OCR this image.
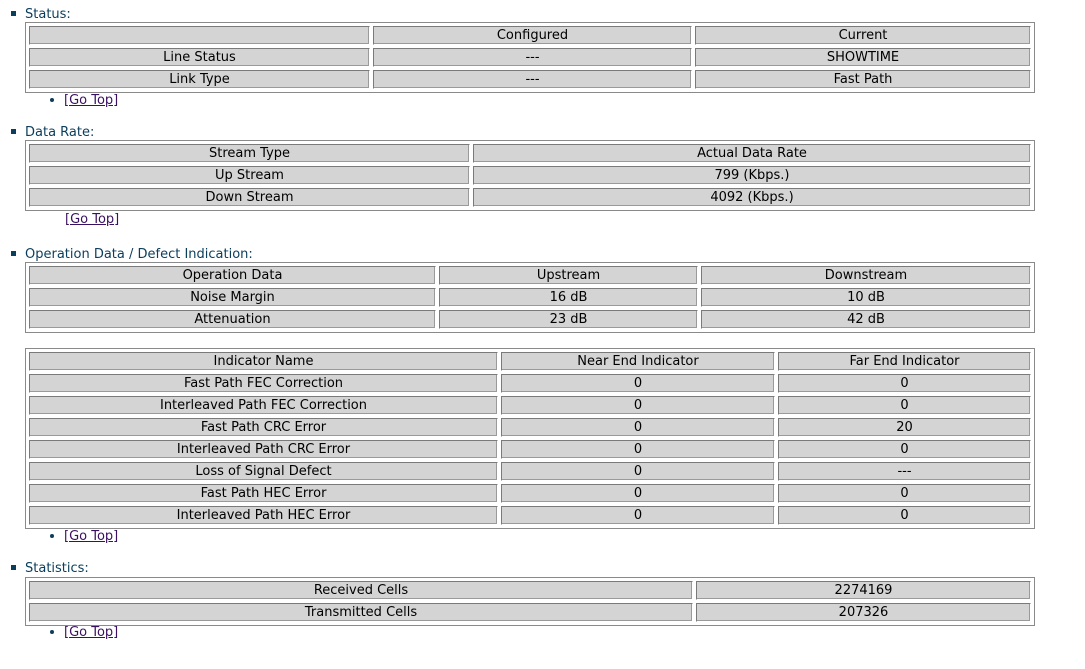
Status:
	Configured	Current
Line Status	---	SHOWTIME
Link Type	---	Fast Path
[Go Top]
Data Rate:
Stream Type	Actual Data Rate
Up Stream	799 (Kbps.)
Down Stream	4092 (Kbps.)
[Go Top]
Operation Data / Defect Indication:
Operation Data	Upstream	Downstream
Noise Margin	16 dB	10 dB
Attenuation	23 dB	42 dB
Indicator Name	Near End Indicator	Far End Indicator
Fast Path FEC Correction	0	0
Interleaved Path FEC Correction	0	0
Fast Path CRC Error	0	20
Interleaved Path CRC Error	0	0
Loss of Signal Defect	0	---
Fast Path HEC Error	0	0
Interleaved Path HEC Error	0	0
[Go Top]
Statistics:
Received Cells	2274169
Transmitted Cells	207326
[Go Top]
